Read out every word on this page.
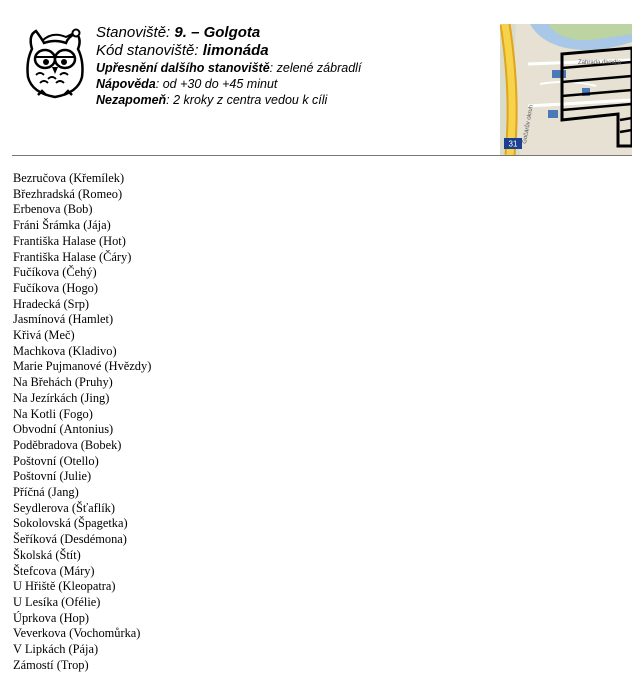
Stanoviště: 9. – Golgota
Kód stanoviště: limonáda
Upřesnění dalšího stanoviště: zelené zábradlí
Nápověda: od +30 do +45 minut
Nezapomeň: 2 kroky z centra vedou k cíli
Zahrada divadla
Gočárův okruh
31
Bezručova (Křemílek)
Březhradská (Romeo)
Erbenova (Bob)
Fráni Šrámka (Jája)
Františka Halase (Hot)
Františka Halase (Čáry)
Fučíkova (Čehý)
Fučíkova (Hogo)
Hradecká (Srp)
Jasmínová (Hamlet)
Křivá (Meč)
Machkova (Kladivo)
Marie Pujmanové (Hvězdy)
Na Břehách (Pruhy)
Na Jezírkách (Jing)
Na Kotli (Fogo)
Obvodní (Antonius)
Poděbradova (Bobek)
Poštovní (Otello)
Poštovní (Julie)
Příčná (Jang)
Seydlerova (Šťaflík)
Sokolovská (Špagetka)
Šeříková (Desdémona)
Školská (Štít)
Štefcova (Máry)
U Hřiště (Kleopatra)
U Lesíka (Ofélie)
Úprkova (Hop)
Veverkova (Vochomůrka)
V Lipkách (Pája)
Zámostí (Trop)
